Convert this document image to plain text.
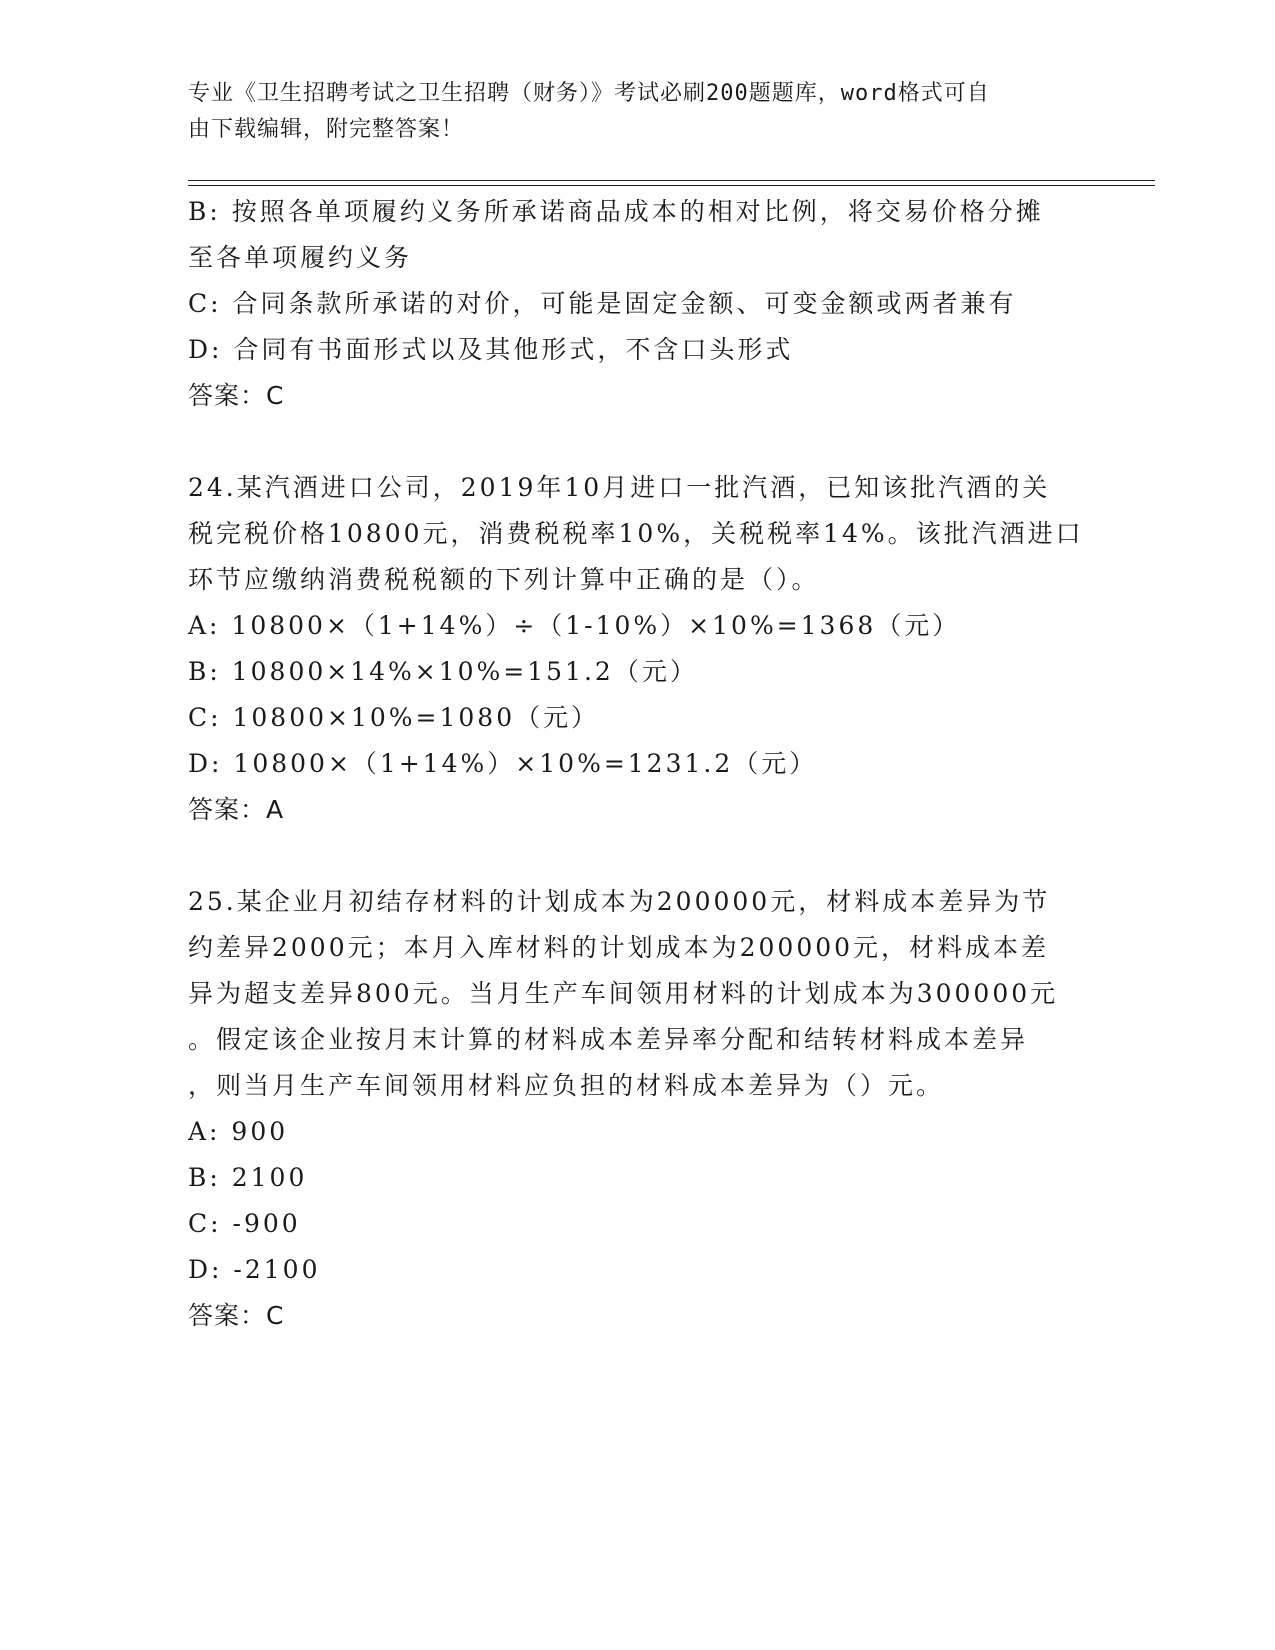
专业《卫生招聘考试之卫生招聘（财务）》考试必刷200题题库，word格式可自
由下载编辑，附完整答案！
B: 按照各单项履约义务所承诺商品成本的相对比例，将交易价格分摊
至各单项履约义务
C: 合同条款所承诺的对价，可能是固定金额、可变金额或两者兼有
D: 合同有书面形式以及其他形式，不含口头形式
答案：C
24.某汽酒进口公司，2019年10月进口一批汽酒，已知该批汽酒的关
税完税价格10800元，消费税税率10%，关税税率14%。该批汽酒进口
环节应缴纳消费税税额的下列计算中正确的是（）。
A: 10800×（1+14%）÷（1-10%）×10%=1368（元）
B: 10800×14%×10%=151.2（元）
C: 10800×10%=1080（元）
D: 10800×（1+14%）×10%=1231.2（元）
答案：A
25.某企业月初结存材料的计划成本为200000元，材料成本差异为节
约差异2000元；本月入库材料的计划成本为200000元，材料成本差
异为超支差异800元。当月生产车间领用材料的计划成本为300000元
。假定该企业按月末计算的材料成本差异率分配和结转材料成本差异
，则当月生产车间领用材料应负担的材料成本差异为（）元。
A: 900
B: 2100
C: -900
D: -2100
答案：C
